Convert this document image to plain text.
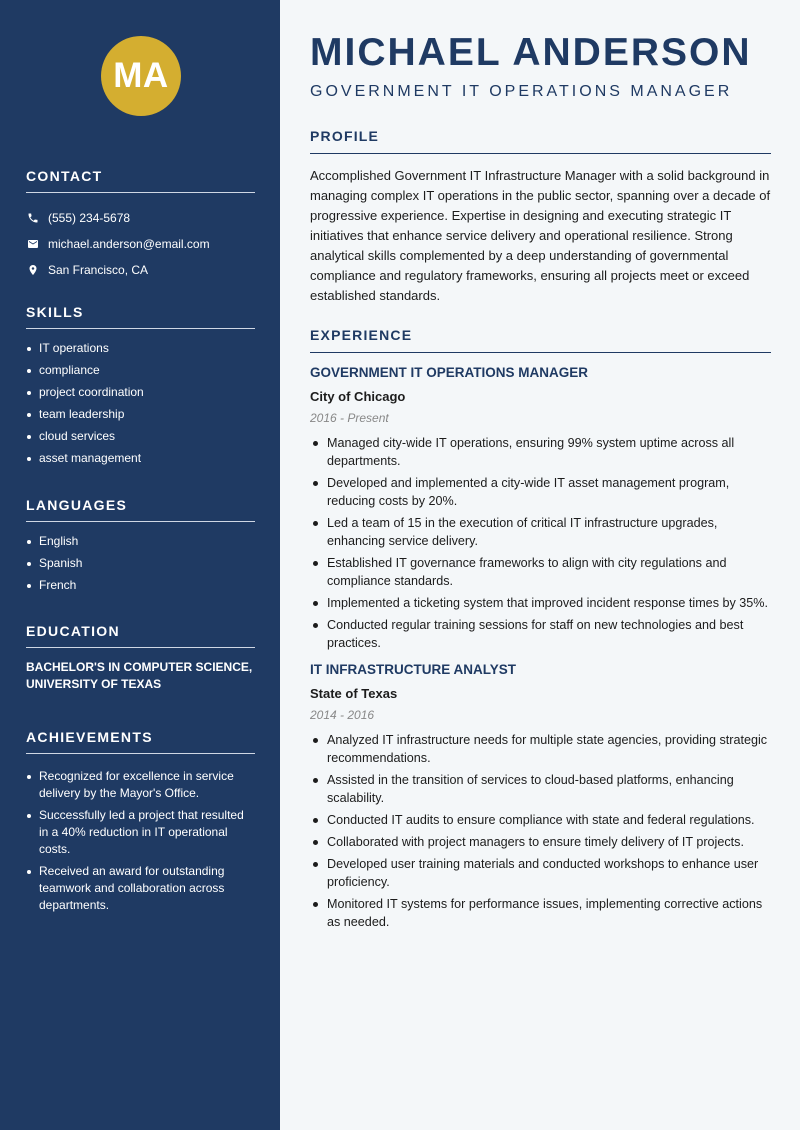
MA
CONTACT
(555) 234-5678
michael.anderson@email.com
San Francisco, CA
SKILLS
IT operations
compliance
project coordination
team leadership
cloud services
asset management
LANGUAGES
English
Spanish
French
EDUCATION

BACHELOR'S IN COMPUTER SCIENCE, UNIVERSITY OF TEXAS

ACHIEVEMENTS
Recognized for excellence in service delivery by the Mayor's Office.
Successfully led a project that resulted in a 40% reduction in IT operational costs.
Received an award for outstanding teamwork and collaboration across departments.
MICHAEL ANDERSON
GOVERNMENT IT OPERATIONS MANAGER
PROFILE

Accomplished Government IT Infrastructure Manager with a solid background in managing complex IT operations in the public sector, spanning over a decade of progressive experience. Expertise in designing and executing strategic IT initiatives that enhance service delivery and operational resilience. Strong analytical skills complemented by a deep understanding of governmental compliance and regulatory frameworks, ensuring all projects meet or exceed established standards.

EXPERIENCE
GOVERNMENT IT OPERATIONS MANAGER
City of Chicago
2016 - Present
Managed city-wide IT operations, ensuring 99% system uptime across all departments.
Developed and implemented a city-wide IT asset management program, reducing costs by 20%.
Led a team of 15 in the execution of critical IT infrastructure upgrades, enhancing service delivery.
Established IT governance frameworks to align with city regulations and compliance standards.
Implemented a ticketing system that improved incident response times by 35%.
Conducted regular training sessions for staff on new technologies and best practices.
IT INFRASTRUCTURE ANALYST
State of Texas
2014 - 2016
Analyzed IT infrastructure needs for multiple state agencies, providing strategic recommendations.
Assisted in the transition of services to cloud-based platforms, enhancing scalability.
Conducted IT audits to ensure compliance with state and federal regulations.
Collaborated with project managers to ensure timely delivery of IT projects.
Developed user training materials and conducted workshops to enhance user proficiency.
Monitored IT systems for performance issues, implementing corrective actions as needed.
